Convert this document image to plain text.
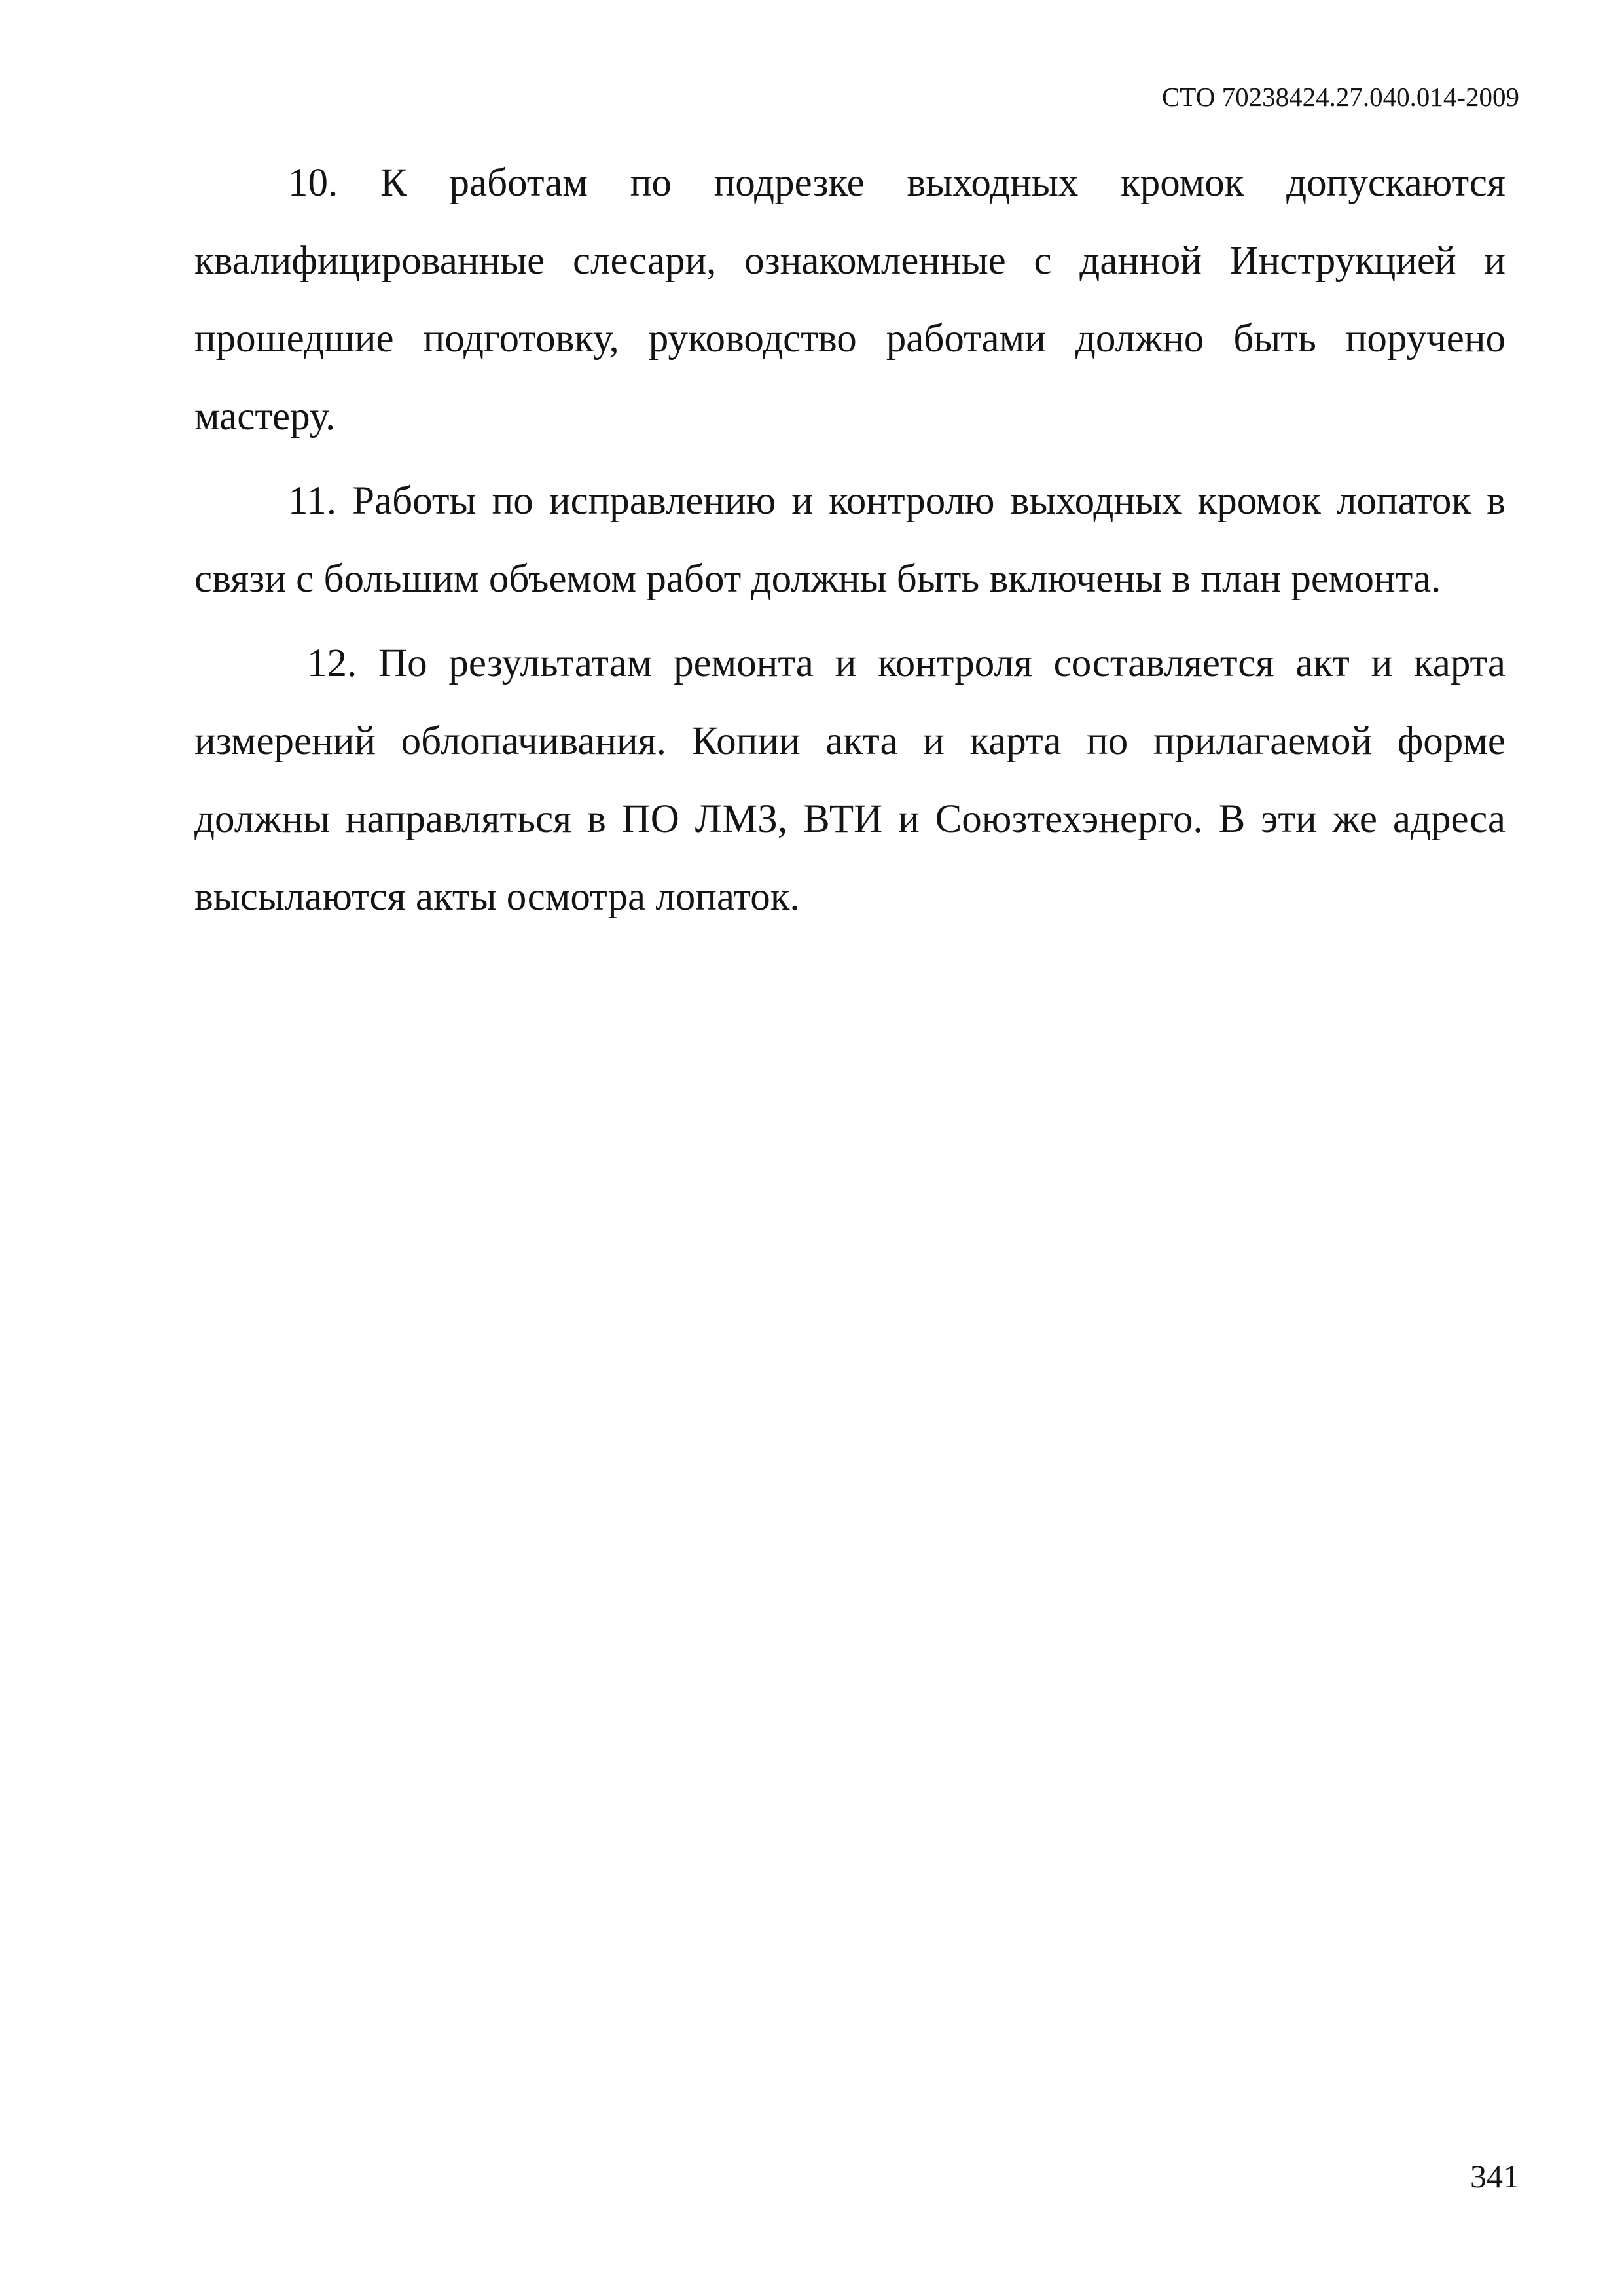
СТО 70238424.27.040.014-2009

10. К работам по подрезке выходных кромок допускаются квалифицированные слесари, ознакомленные с данной Инструкцией и прошедшие подготовку, руководство работами должно быть поручено мастеру.

11. Работы по исправлению и контролю выходных кромок лопаток в связи с большим объемом работ должны быть включены в план ремонта.

12. По результатам ремонта и контроля составляется акт и карта измерений облопачивания. Копии акта и карта по прилагаемой форме должны направляться в ПО ЛМЗ, ВТИ и Союзтехэнерго. В эти же адреса высылаются акты осмотра лопаток.

341
